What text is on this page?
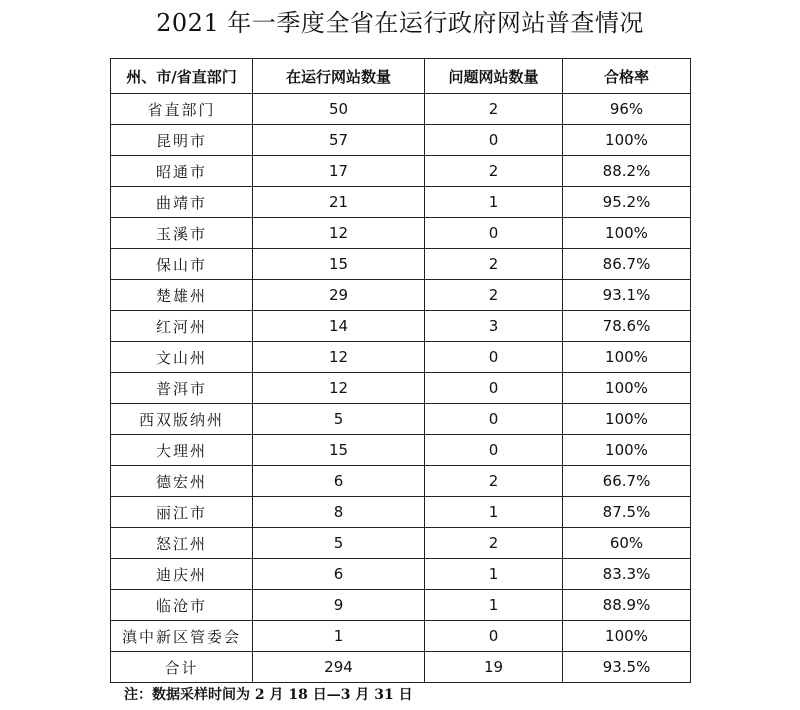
2021 年一季度全省在运行政府网站普查情况
州、市/省直部门	在运行网站数量	问题网站数量	合格率
省直部门	50	2	96%
昆明市	57	0	100%
昭通市	17	2	88.2%
曲靖市	21	1	95.2%
玉溪市	12	0	100%
保山市	15	2	86.7%
楚雄州	29	2	93.1%
红河州	14	3	78.6%
文山州	12	0	100%
普洱市	12	0	100%
西双版纳州	5	0	100%
大理州	15	0	100%
德宏州	6	2	66.7%
丽江市	8	1	87.5%
怒江州	5	2	60%
迪庆州	6	1	83.3%
临沧市	9	1	88.9%
滇中新区管委会	1	0	100%
合计	294	19	93.5%
注：数据采样时间为 2 月 18 日—3 月 31 日
